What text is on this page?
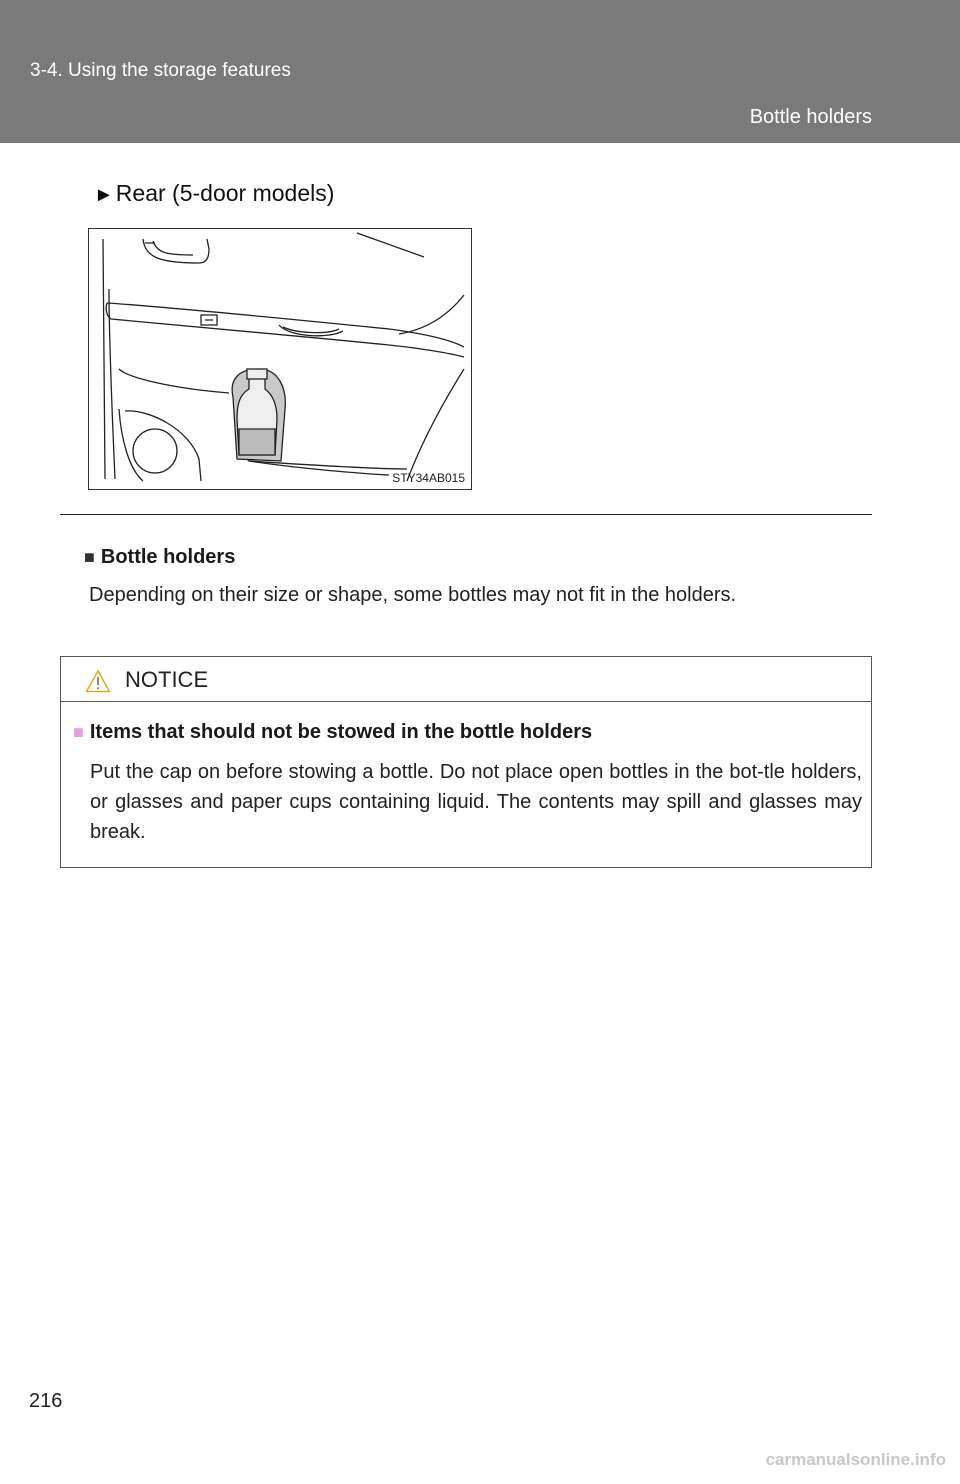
3-4. Using the storage features
Bottle holders
►Rear (5-door models)
STY34AB015
■ Bottle holders
Depending on their size or shape, some bottles may not fit in the holders.
NOTICE
■ Items that should not be stowed in the bottle holders
Put the cap on before stowing a bottle. Do not place open bottles in the bot-tle holders, or glasses and paper cups containing liquid. The contents may spill and glasses may break.
216
carmanualsonline.info
